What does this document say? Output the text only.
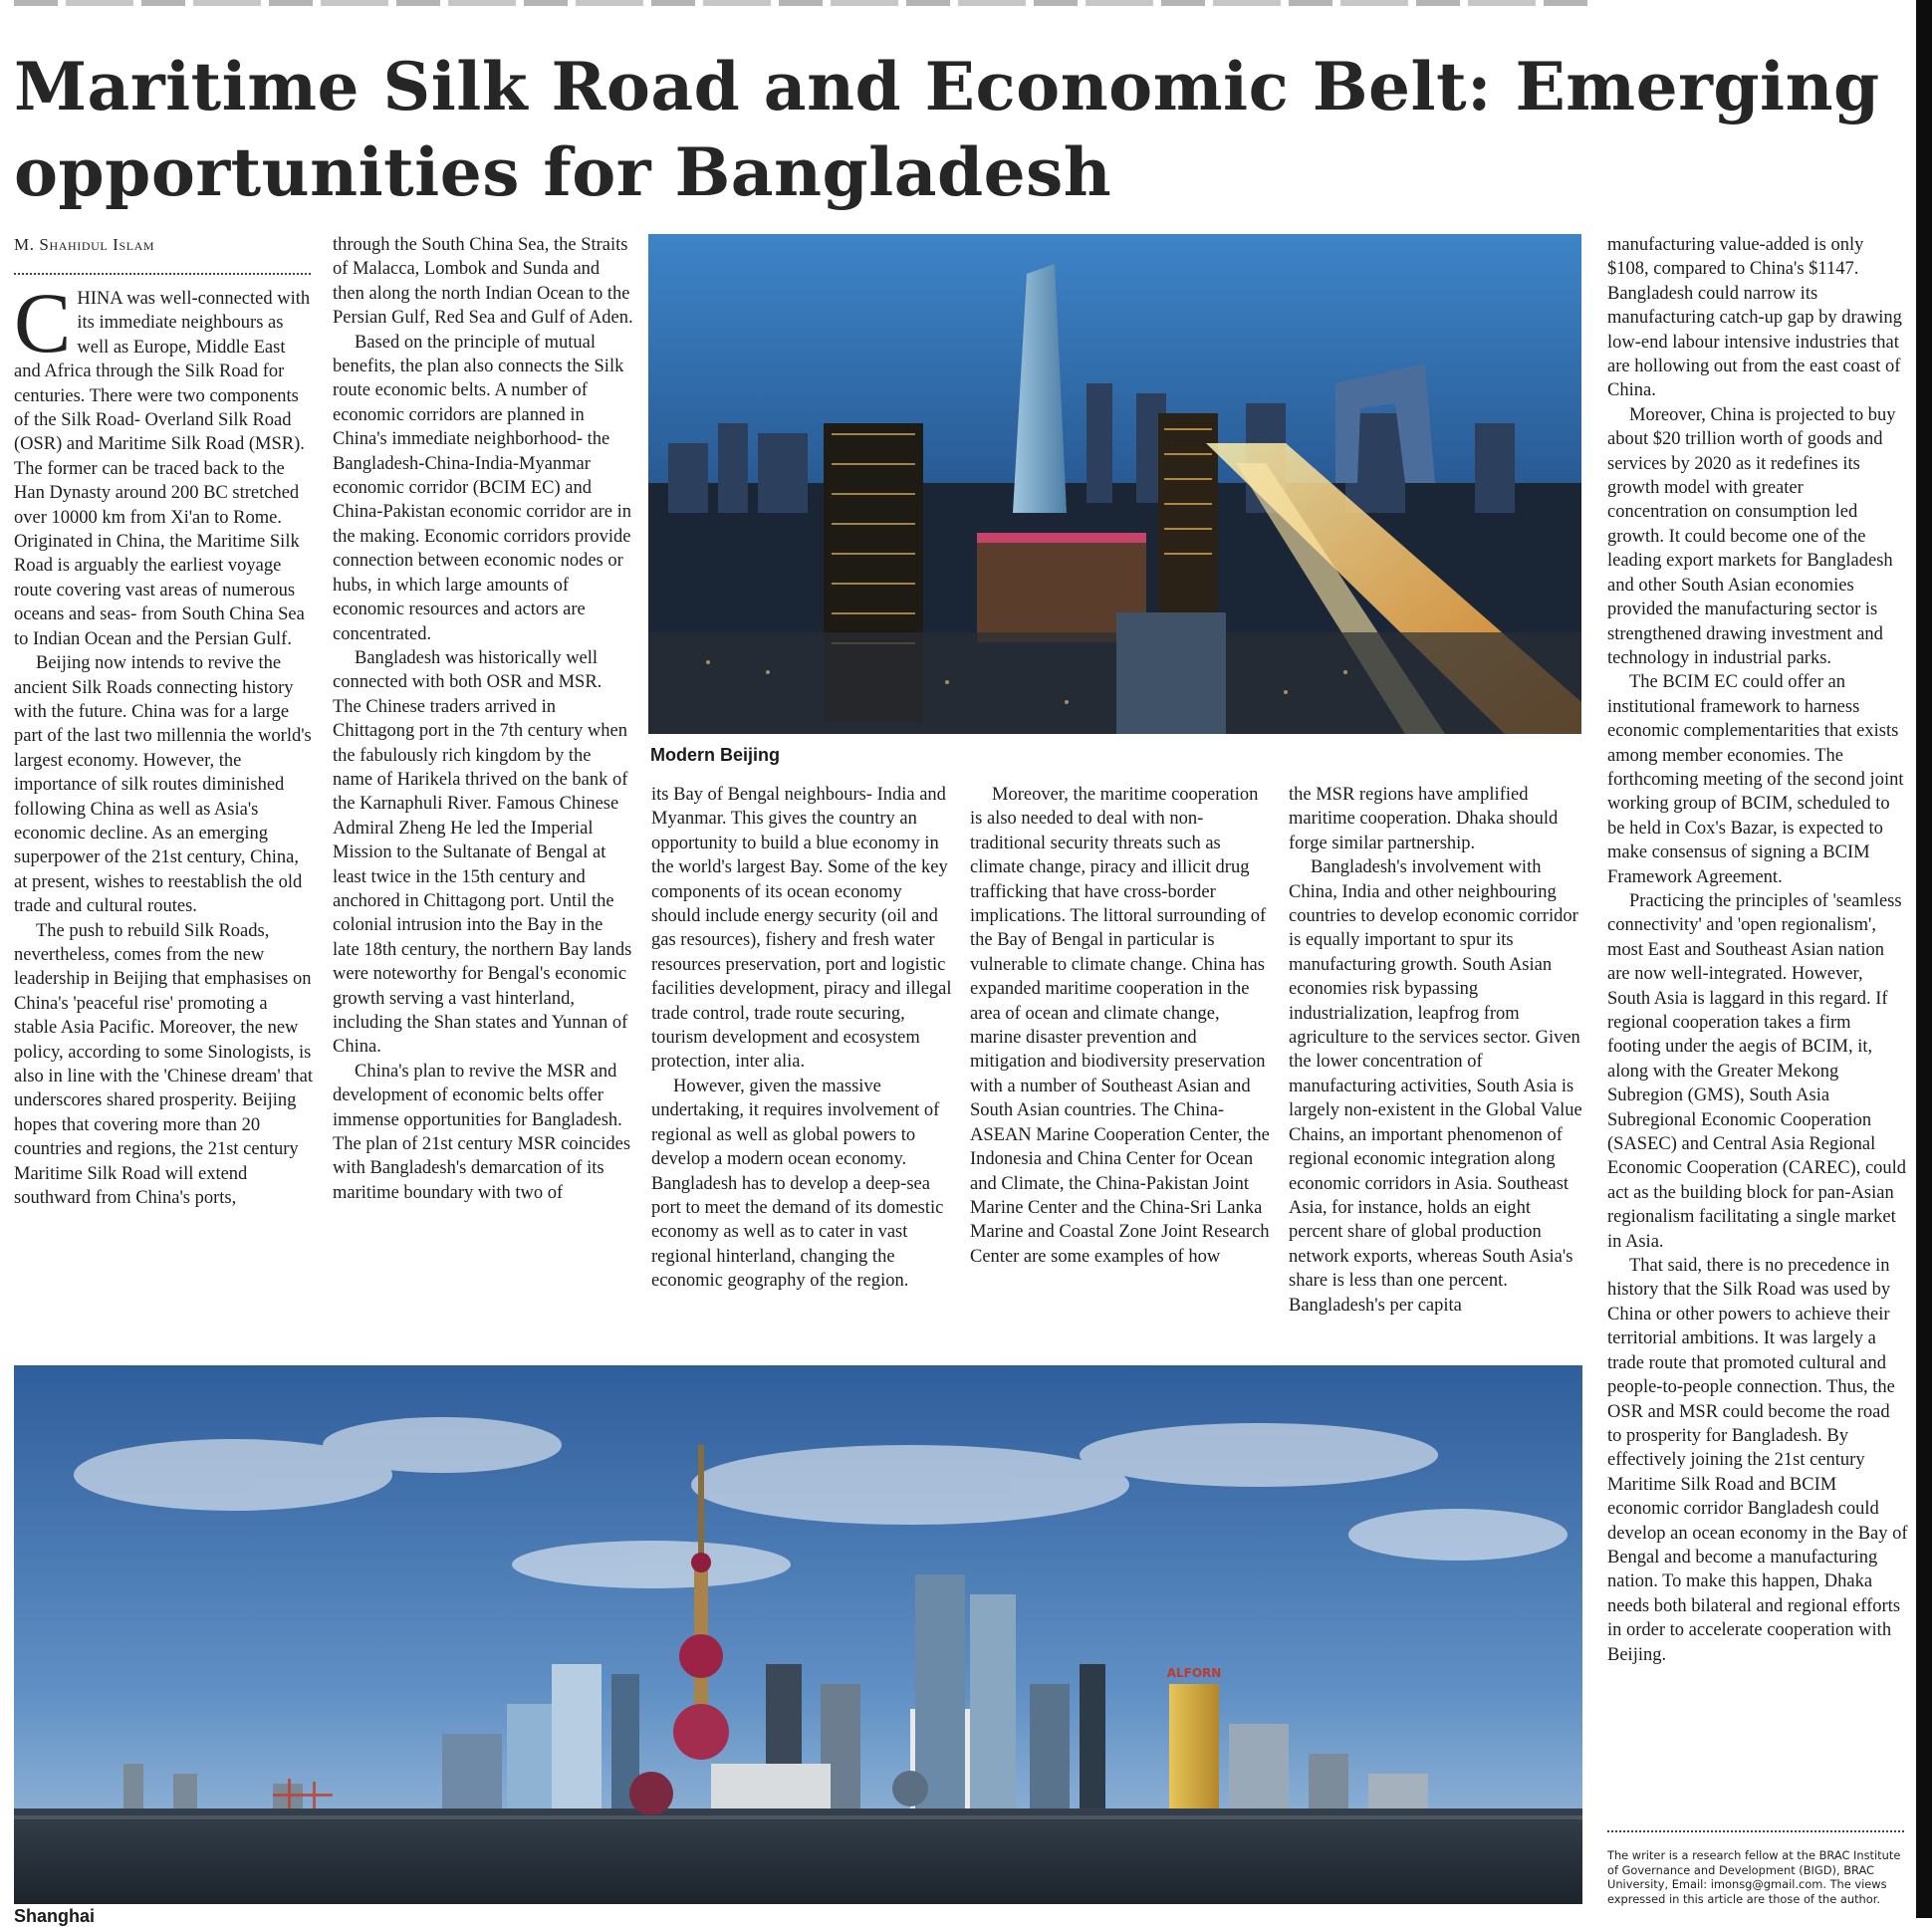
Maritime Silk Road and Economic Belt: Emerging opportunities for Bangladesh
M. Shahidul Islam

CHINA was well-connected with its immediate neighbours as well as Europe, Middle East and Africa through the Silk Road for centuries. There were two components of the Silk Road- Overland Silk Road (OSR) and Maritime Silk Road (MSR). The former can be traced back to the Han Dynasty around 200 BC stretched over 10000 km from Xi'an to Rome. Originated in China, the Maritime Silk Road is arguably the earliest voyage route covering vast areas of numerous oceans and seas- from South China Sea to Indian Ocean and the Persian Gulf.

Beijing now intends to revive the ancient Silk Roads connecting history with the future. China was for a large part of the last two millennia the world's largest economy. However, the importance of silk routes diminished following China as well as Asia's economic decline. As an emerging superpower of the 21st century, China, at present, wishes to reestablish the old trade and cultural routes.

The push to rebuild Silk Roads, nevertheless, comes from the new leadership in Beijing that emphasises on China's 'peaceful rise' promoting a stable Asia Pacific. Moreover, the new policy, according to some Sinologists, is also in line with the 'Chinese dream' that underscores shared prosperity. Beijing hopes that covering more than 20 countries and regions, the 21st century Maritime Silk Road will extend southward from China's ports,

through the South China Sea, the Straits of Malacca, Lombok and Sunda and then along the north Indian Ocean to the Persian Gulf, Red Sea and Gulf of Aden.

Based on the principle of mutual benefits, the plan also connects the Silk route economic belts. A number of economic corridors are planned in China's immediate neighborhood- the Bangladesh-China-India-Myanmar economic corridor (BCIM EC) and China-Pakistan economic corridor are in the making. Economic corridors provide connection between economic nodes or hubs, in which large amounts of economic resources and actors are concentrated.

Bangladesh was historically well connected with both OSR and MSR. The Chinese traders arrived in Chittagong port in the 7th century when the fabulously rich kingdom by the name of Harikela thrived on the bank of the Karnaphuli River. Famous Chinese Admiral Zheng He led the Imperial Mission to the Sultanate of Bengal at least twice in the 15th century and anchored in Chittagong port. Until the colonial intrusion into the Bay in the late 18th century, the northern Bay lands were noteworthy for Bengal's economic growth serving a vast hinterland, including the Shan states and Yunnan of China.

China's plan to revive the MSR and development of economic belts offer immense opportunities for Bangladesh. The plan of 21st century MSR coincides with Bangladesh's demarcation of its maritime boundary with two of

Modern Beijing

its Bay of Bengal neighbours- India and Myanmar. This gives the country an opportunity to build a blue economy in the world's largest Bay. Some of the key components of its ocean economy should include energy security (oil and gas resources), fishery and fresh water resources preservation, port and logistic facilities development, piracy and illegal trade control, trade route securing, tourism development and ecosystem protection, inter alia.

However, given the massive undertaking, it requires involvement of regional as well as global powers to develop a modern ocean economy. Bangladesh has to develop a deep-sea port to meet the demand of its domestic economy as well as to cater in vast regional hinterland, changing the economic geography of the region.

Moreover, the maritime cooperation is also needed to deal with non-traditional security threats such as climate change, piracy and illicit drug trafficking that have cross-border implications. The littoral surrounding of the Bay of Bengal in particular is vulnerable to climate change. China has expanded maritime cooperation in the area of ocean and climate change, marine disaster prevention and mitigation and biodiversity preservation with a number of Southeast Asian and South Asian countries. The China-ASEAN Marine Cooperation Center, the Indonesia and China Center for Ocean and Climate, the China-Pakistan Joint Marine Center and the China-Sri Lanka Marine and Coastal Zone Joint Research Center are some examples of how

the MSR regions have amplified maritime cooperation. Dhaka should forge similar partnership.

Bangladesh's involvement with China, India and other neighbouring countries to develop economic corridor is equally important to spur its manufacturing growth. South Asian economies risk bypassing industrialization, leapfrog from agriculture to the services sector. Given the lower concentration of manufacturing activities, South Asia is largely non-existent in the Global Value Chains, an important phenomenon of regional economic integration along economic corridors in Asia. Southeast Asia, for instance, holds an eight percent share of global production network exports, whereas South Asia's share is less than one percent. Bangladesh's per capita

manufacturing value-added is only $108, compared to China's $1147. Bangladesh could narrow its manufacturing catch-up gap by drawing low-end labour intensive industries that are hollowing out from the east coast of China.

Moreover, China is projected to buy about $20 trillion worth of goods and services by 2020 as it redefines its growth model with greater concentration on consumption led growth. It could become one of the leading export markets for Bangladesh and other South Asian economies provided the manufacturing sector is strengthened drawing investment and technology in industrial parks.

The BCIM EC could offer an institutional framework to harness economic complementarities that exists among member economies. The forthcoming meeting of the second joint working group of BCIM, scheduled to be held in Cox's Bazar, is expected to make consensus of signing a BCIM Framework Agreement.

Practicing the principles of 'seamless connectivity' and 'open regionalism', most East and Southeast Asian nation are now well-integrated. However, South Asia is laggard in this regard. If regional cooperation takes a firm footing under the aegis of BCIM, it, along with the Greater Mekong Subregion (GMS), South Asia Subregional Economic Cooperation (SASEC) and Central Asia Regional Economic Cooperation (CAREC), could act as the building block for pan-Asian regionalism facilitating a single market in Asia.

That said, there is no precedence in history that the Silk Road was used by China or other powers to achieve their territorial ambitions. It was largely a trade route that promoted cultural and people-to-people connection. Thus, the OSR and MSR could become the road to prosperity for Bangladesh. By effectively joining the 21st century Maritime Silk Road and BCIM economic corridor Bangladesh could develop an ocean economy in the Bay of Bengal and become a manufacturing nation. To make this happen, Dhaka needs both bilateral and regional efforts in order to accelerate cooperation with Beijing.

The writer is a research fellow at the BRAC Institute of Governance and Development (BIGD), BRAC University, Email: imonsg@gmail.com. The views expressed in this article are those of the author.
ALFORN
Shanghai
